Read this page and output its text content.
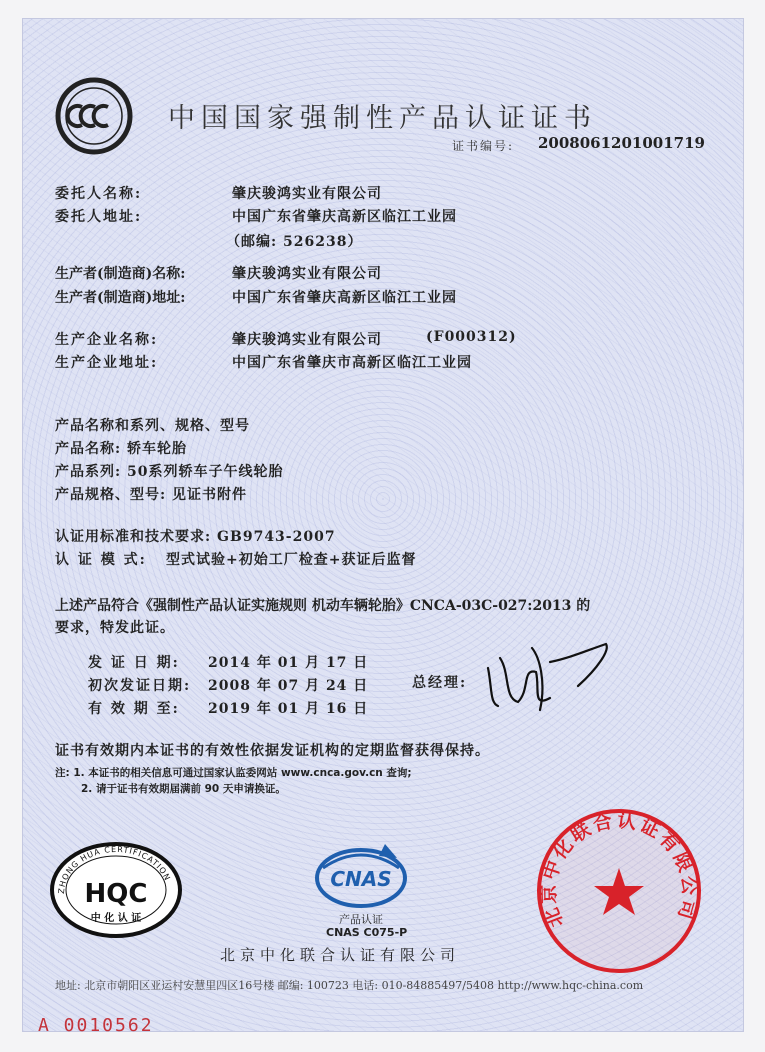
中国国家强制性产品认证证书
证书编号: 2008061201001719
委托人名称:	肇庆骏鸿实业有限公司
委托人地址:	中国广东省肇庆高新区临江工业园
（邮编: 526238）
生产者(制造商)名称:	肇庆骏鸿实业有限公司
生产者(制造商)地址:	中国广东省肇庆高新区临江工业园
生产企业名称:	肇庆骏鸿实业有限公司	(F000312)
生产企业地址:	中国广东省肇庆市高新区临江工业园
产品名称和系列、规格、型号
产品名称: 轿车轮胎
产品系列: 50系列轿车子午线轮胎
产品规格、型号: 见证书附件
认证用标准和技术要求: GB9743-2007
认 证 模 式: 型式试验+初始工厂检查+获证后监督
上述产品符合《强制性产品认证实施规则 机动车辆轮胎》CNCA-03C-027:2013 的
要求，特发此证。
发 证 日 期: 2014 年 01 月 17 日
初次发证日期: 2008 年 07 月 24 日
有 效 期 至: 2019 年 01 月 16 日
总经理:
证书有效期内本证书的有效性依据发证机构的定期监督获得保持。
注: 1. 本证书的相关信息可通过国家认监委网站 www.cnca.gov.cn 查询;
2. 请于证书有效期届满前 90 天申请换证。
ZHONG HUA CERTIFICATION
HQC
中 化 认 证
CNAS
产品认证
CNAS C075-P
北京中化联合认证有限公司
北京中化联合认证有限公司
地址: 北京市朝阳区亚运村安慧里四区16号楼 邮编: 100723 电话: 010-84885497/5408 http://www.hqc-china.com
A 0010562
